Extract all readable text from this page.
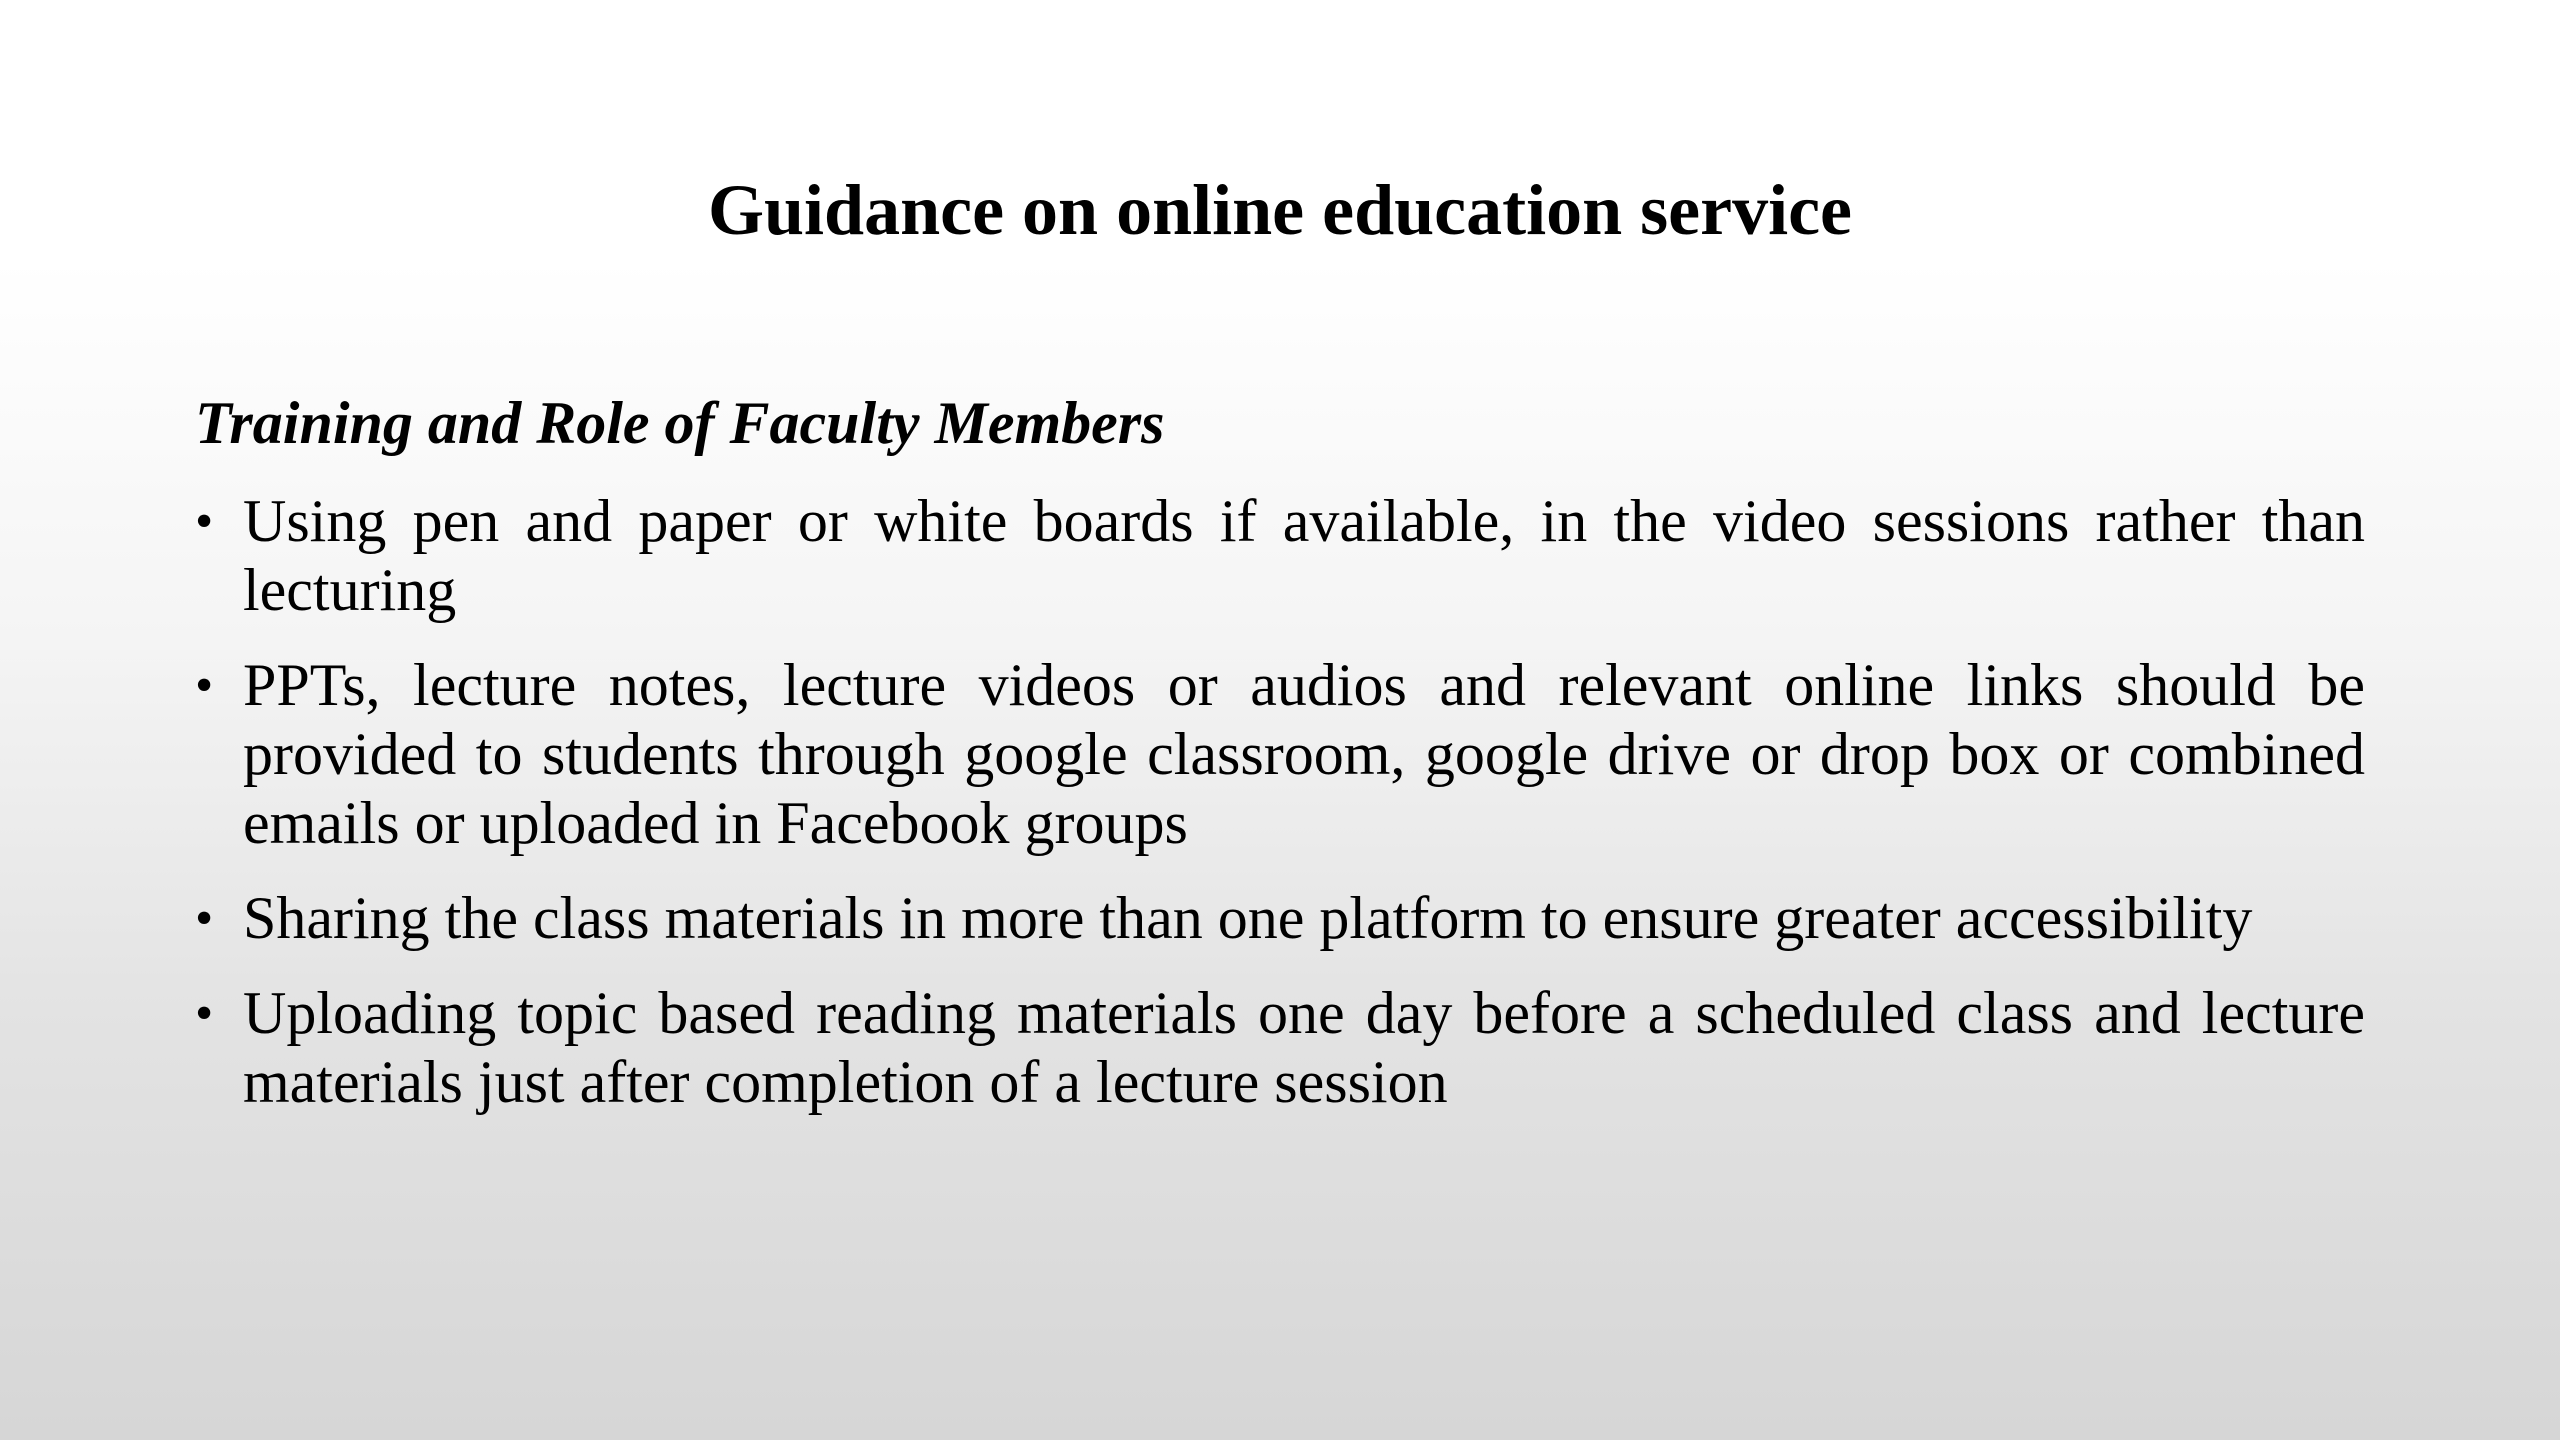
Guidance on online education service
Training and Role of Faculty Members
• Using pen and paper or white boards if available, in the video sessions rather than lecturing
• PPTs, lecture notes, lecture videos or audios and relevant online links should be provided to students through google classroom, google drive or drop box or combined emails or uploaded in Facebook groups
• Sharing the class materials in more than one platform to ensure greater accessibility
• Uploading topic based reading materials one day before a scheduled class and lecture materials just after completion of a lecture session
